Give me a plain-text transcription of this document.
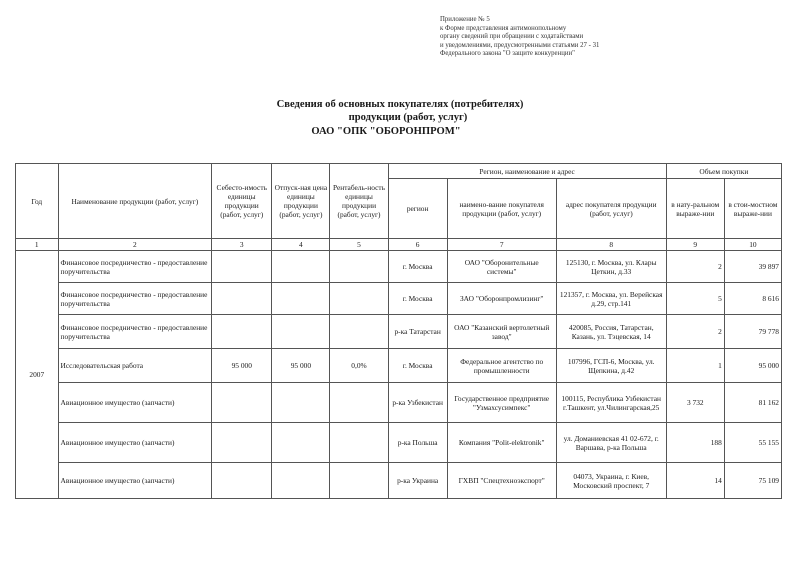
Приложение № 5
к Форме представления антимонопольному
органу сведений при обращении с ходатайствами
и уведомлениями, предусмотренными статьями 27 - 31
Федерального закона "О защите конкуренции"
Сведения об основных покупателях (потребителях)
продукции (работ, услуг)
ОАО "ОПК "ОБОРОНПРОМ"
Год	Наименование продукции (работ, услуг)	Себесто-имость единицы продукции (работ, услуг)	Отпуск-ная цена единицы продукции (работ, услуг)	Рентабель-ность единицы продукции (работ, услуг)	Регион, наименование и адрес			Объем покупки	
					регион	наимено-вание покупателя продукции (работ, услуг)	адрес покупателя продукции (работ, услуг)	в нату-ральном выраже-нии	в стои-мостном выраже-нии
1	2	3	4	5	6	7	8	9	10
2007	Финансовое посредничество - предоставление поручительства				г. Москва	ОАО "Оборонительные системы"	125130, г. Москва, ул. Клары Цеткин, д.33	2	39 897
	Финансовое посредничество - предоставление поручительства				г. Москва	ЗАО "Оборонпромлизинг"	121357, г. Москва, ул. Верейская д.29, стр.141	5	8 616
	Финансовое посредничество - предоставление поручительства				р-ка Татарстан	ОАО "Казанский вертолетный завод"	420085, Россия, Татарстан, Казань, ул. Тэцевская, 14	2	79 778
	Исследовательская работа	95 000	95 000	0,0%	г. Москва	Федеральное агентство по промышленности	107996, ГСП-6, Москва, ул. Щепкина, д.42	1	95 000
	Авиационное имущество (запчасти)				р-ка Узбекистан	Государственное предприятие "Узмахсусимпекс"	100115, Республика Узбекистан г.Ташкент, ул.Чилингарская,25	3 732	81 162
	Авиационное имущество (запчасти)				р-ка Польша	Компания "Polit-elektronik"	ул. Доманиевская 41 02-672, г. Варшава, р-ка Польша	188	55 155
	Авиационное имущество (запчасти)				р-ка Украина	ГХВП "Спецтехноэкспорт"	04073, Украина, г. Киев, Московский проспект, 7	14	75 109
